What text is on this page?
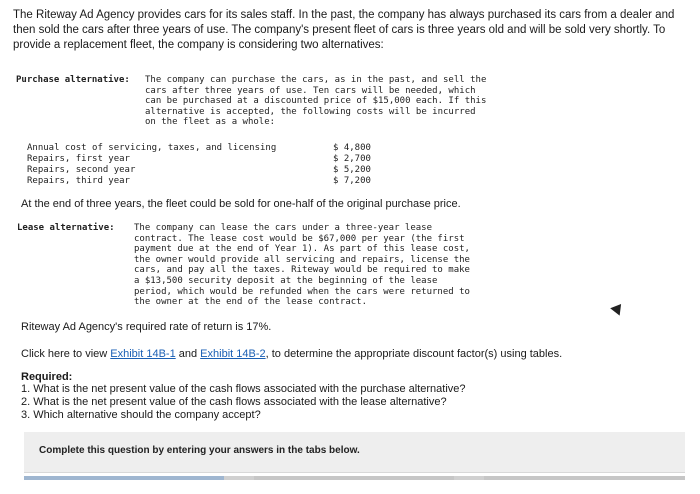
The Riteway Ad Agency provides cars for its sales staff. In the past, the company has always purchased its cars from a dealer and then sold the cars after three years of use. The company's present fleet of cars is three years old and will be sold very shortly. To provide a replacement fleet, the company is considering two alternatives:

Purchase alternative: The company can purchase the cars, as in the past, and sell the
cars after three years of use. Ten cars will be needed, which
can be purchased at a discounted price of $15,000 each. If this
alternative is accepted, the following costs will be incurred
on the fleet as a whole:
Annual cost of servicing, taxes, and licensing	$ 4,800
Repairs, first year	$ 2,700
Repairs, second year	$ 5,200
Repairs, third year	$ 7,200

At the end of three years, the fleet could be sold for one-half of the original purchase price.

Lease alternative: The company can lease the cars under a three-year lease
contract. The lease cost would be $67,000 per year (the first
payment due at the end of Year 1). As part of this lease cost,
the owner would provide all servicing and repairs, license the
cars, and pay all the taxes. Riteway would be required to make
a $13,500 security deposit at the beginning of the lease
period, which would be refunded when the cars were returned to
the owner at the end of the lease contract.

Riteway Ad Agency's required rate of return is 17%.

Click here to view Exhibit 14B-1 and Exhibit 14B-2, to determine the appropriate discount factor(s) using tables.

Required:

1. What is the net present value of the cash flows associated with the purchase alternative?

2. What is the net present value of the cash flows associated with the lease alternative?

3. Which alternative should the company accept?

Complete this question by entering your answers in the tabs below.
